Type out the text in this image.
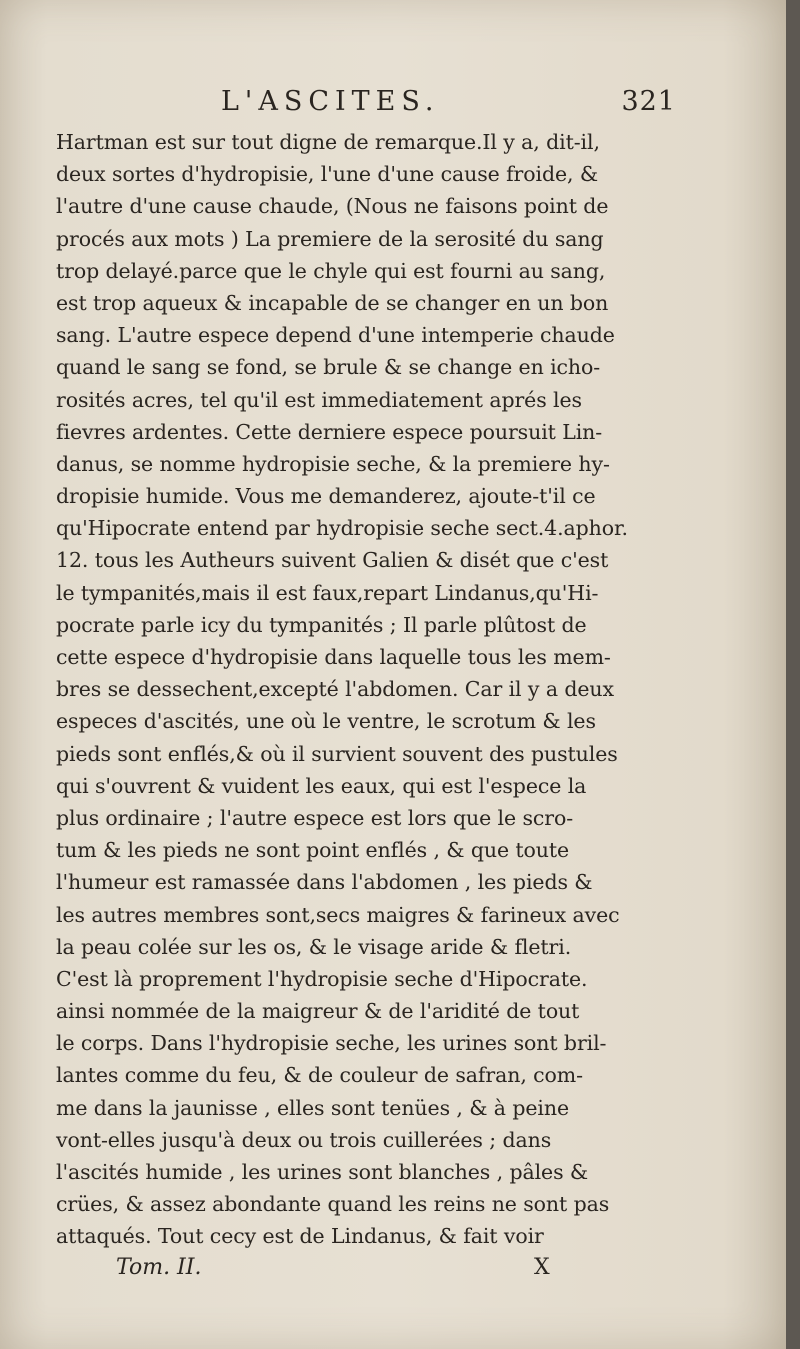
L'ASCITES.	321
Hartman est sur tout digne de remarque.Il y a, dit-il,
deux sortes d'hydropisie, l'une d'une cause froide, &
l'autre d'une cause chaude, (Nous ne faisons point de
procés aux mots ) La premiere de la serosité du sang
trop delayé.parce que le chyle qui est fourni au sang,
est trop aqueux & incapable de se changer en un bon
sang. L'autre espece depend d'une intemperie chaude
quand le sang se fond, se brule & se change en icho-
rosités acres, tel qu'il est immediatement aprés les
fievres ardentes. Cette derniere espece poursuit Lin-
danus, se nomme hydropisie seche, & la premiere hy-
dropisie humide. Vous me demanderez, ajoute-t'il ce
qu'Hipocrate entend par hydropisie seche sect.4.aphor.
12. tous les Autheurs suivent Galien & disét que c'est
le tympanités,mais il est faux,repart Lindanus,qu'Hi-
pocrate parle icy du tympanités ; Il parle plûtost de
cette espece d'hydropisie dans laquelle tous les mem-
bres se dessechent,excepté l'abdomen. Car il y a deux
especes d'ascités, une où le ventre, le scrotum & les
pieds sont enflés,& où il survient souvent des pustules
qui s'ouvrent & vuident les eaux, qui est l'espece la
plus ordinaire ; l'autre espece est lors que le scro-
tum & les pieds ne sont point enflés , & que toute
l'humeur est ramassée dans l'abdomen , les pieds &
les autres membres sont,secs maigres & farineux avec
la peau colée sur les os, & le visage aride & fletri.
C'est là proprement l'hydropisie seche d'Hipocrate.
ainsi nommée de la maigreur & de l'aridité de tout
le corps. Dans l'hydropisie seche, les urines sont bril-
lantes comme du feu, & de couleur de safran, com-
me dans la jaunisse , elles sont tenües , & à peine
vont-elles jusqu'à deux ou trois cuillerées ; dans
l'ascités humide , les urines sont blanches , pâles &
crües, & assez abondante quand les reins ne sont pas
attaqués. Tout cecy est de Lindanus, & fait voir
Tom. II.	X
